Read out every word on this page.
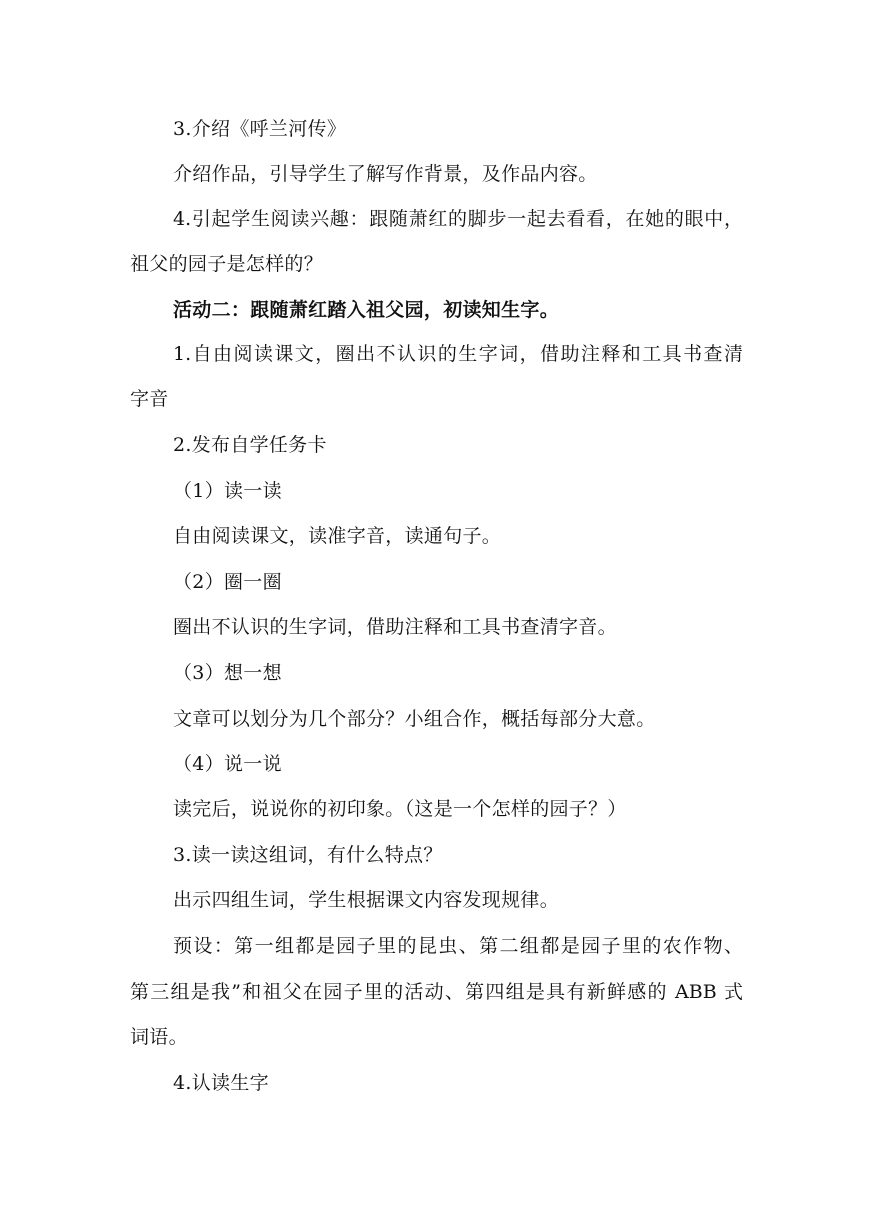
3.介绍《呼兰河传》
介绍作品，引导学生了解写作背景，及作品内容。
4.引起学生阅读兴趣：跟随萧红的脚步一起去看看，在她的眼中，
祖父的园子是怎样的？
活动二：跟随萧红踏入祖父园，初读知生字。
1.自由阅读课文，圈出不认识的生字词，借助注释和工具书查清
字音
2.发布自学任务卡
（1）读一读
自由阅读课文，读准字音，读通句子。
（2）圈一圈
圈出不认识的生字词，借助注释和工具书查清字音。
（3）想一想
文章可以划分为几个部分？小组合作，概括每部分大意。
（4）说一说
读完后，说说你的初印象。（这是一个怎样的园子？）
3.读一读这组词，有什么特点？
出示四组生词，学生根据课文内容发现规律。
预设：第一组都是园子里的昆虫、第二组都是园子里的农作物、
第三组是我”和祖父在园子里的活动、第四组是具有新鲜感的 ABB 式
词语。
4.认读生字
